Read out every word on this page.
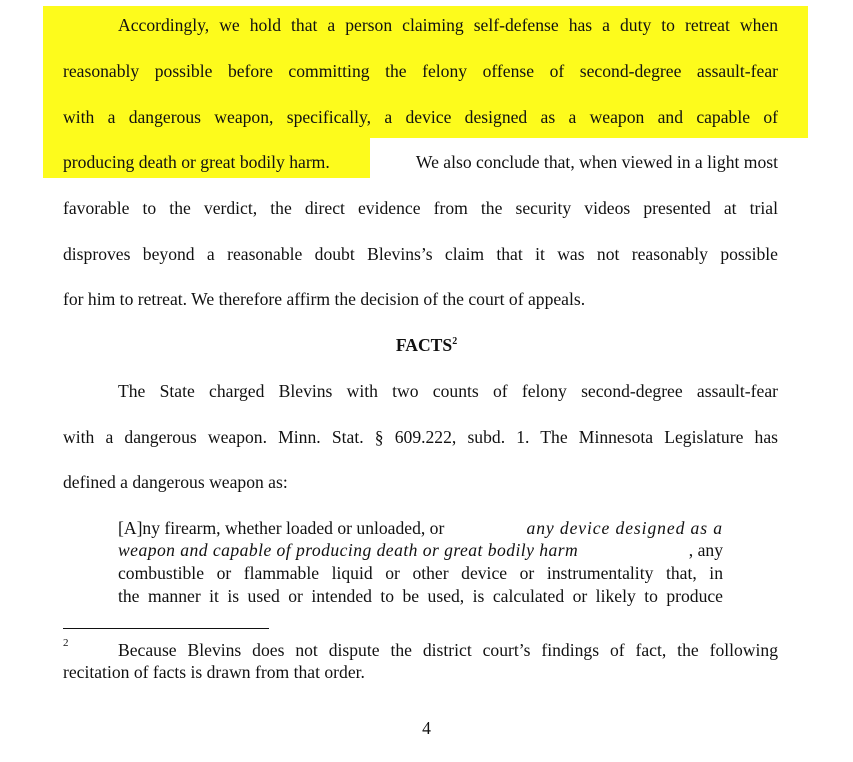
Accordingly, we hold that a person claiming self-defense has a duty to retreat when
reasonably possible before committing the felony offense of second-degree assault-fear
with a dangerous weapon, specifically, a device designed as a weapon and capable of
producing death or great bodily harm.	We also conclude that, when viewed in a light most
favorable to the verdict, the direct evidence from the security videos presented at trial
disproves beyond a reasonable doubt Blevins’s claim that it was not reasonably possible
for him to retreat. We therefore affirm the decision of the court of appeals.
FACTS$^2$
The State charged Blevins with two counts of felony second-degree assault-fear
with a dangerous weapon. Minn. Stat. § 609.222, subd. 1. The Minnesota Legislature has
defined a dangerous weapon as:
[A]ny firearm, whether loaded or unloaded, or	any device designed as a
weapon and capable of producing death or great bodily harm	, any
combustible or flammable liquid or other device or instrumentality that, in
the manner it is used or intended to be used, is calculated or likely to produce
2	Because Blevins does not dispute the district court’s findings of fact, the following
recitation of facts is drawn from that order.
4
